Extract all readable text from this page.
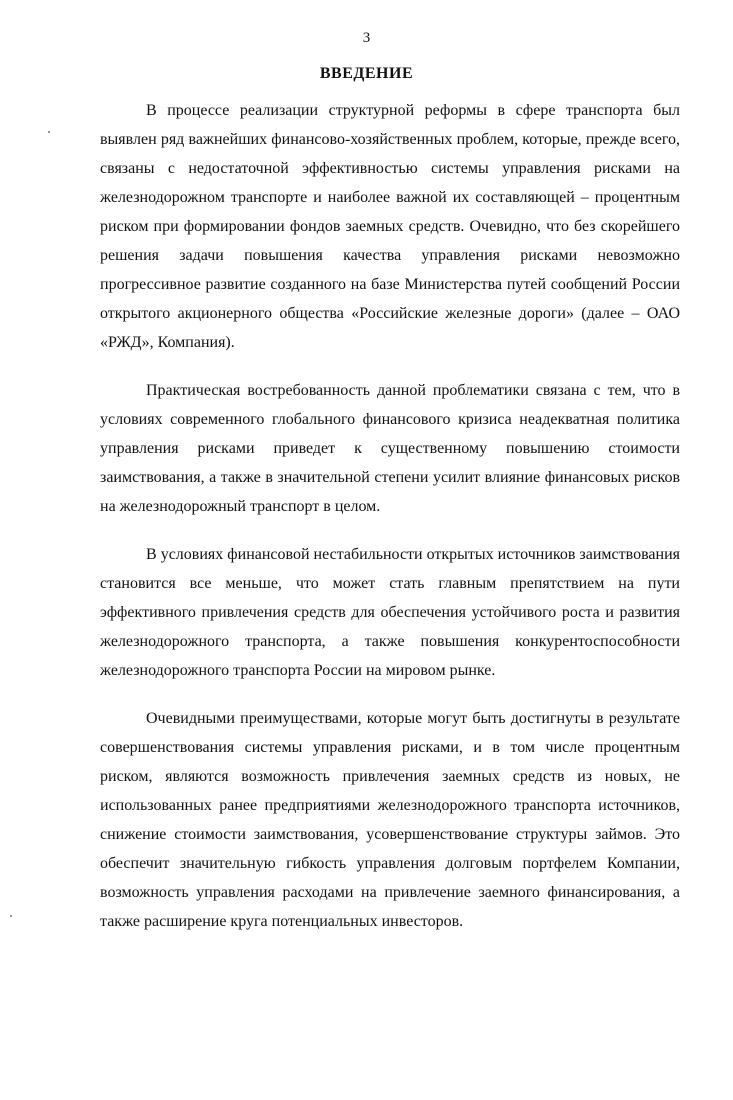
3
ВВЕДЕНИЕ

В процессе реализации структурной реформы в сфере транспорта был выявлен ряд важнейших финансово-хозяйственных проблем, которые, прежде всего, связаны с недостаточной эффективностью системы управления рисками на железнодорожном транспорте и наиболее важной их составляющей – процентным риском при формировании фондов заемных средств. Очевидно, что без скорейшего решения задачи повышения качества управления рисками невозможно прогрессивное развитие созданного на базе Министерства путей сообщений России открытого акционерного общества «Российские железные дороги» (далее – ОАО «РЖД», Компания).

Практическая востребованность данной проблематики связана с тем, что в условиях современного глобального финансового кризиса неадекватная политика управления рисками приведет к существенному повышению стоимости заимствования, а также в значительной степени усилит влияние финансовых рисков на железнодорожный транспорт в целом.

В условиях финансовой нестабильности открытых источников заимствования становится все меньше, что может стать главным препятствием на пути эффективного привлечения средств для обеспечения устойчивого роста и развития железнодорожного транспорта, а также повышения конкурентоспособности железнодорожного транспорта России на мировом рынке.

Очевидными преимуществами, которые могут быть достигнуты в результате совершенствования системы управления рисками, и в том числе процентным риском, являются возможность привлечения заемных средств из новых, не использованных ранее предприятиями железнодорожного транспорта источников, снижение стоимости заимствования, усовершенствование структуры займов. Это обеспечит значительную гибкость управления долговым портфелем Компании, возможность управления расходами на привлечение заемного финансирования, а также расширение круга потенциальных инвесторов.
